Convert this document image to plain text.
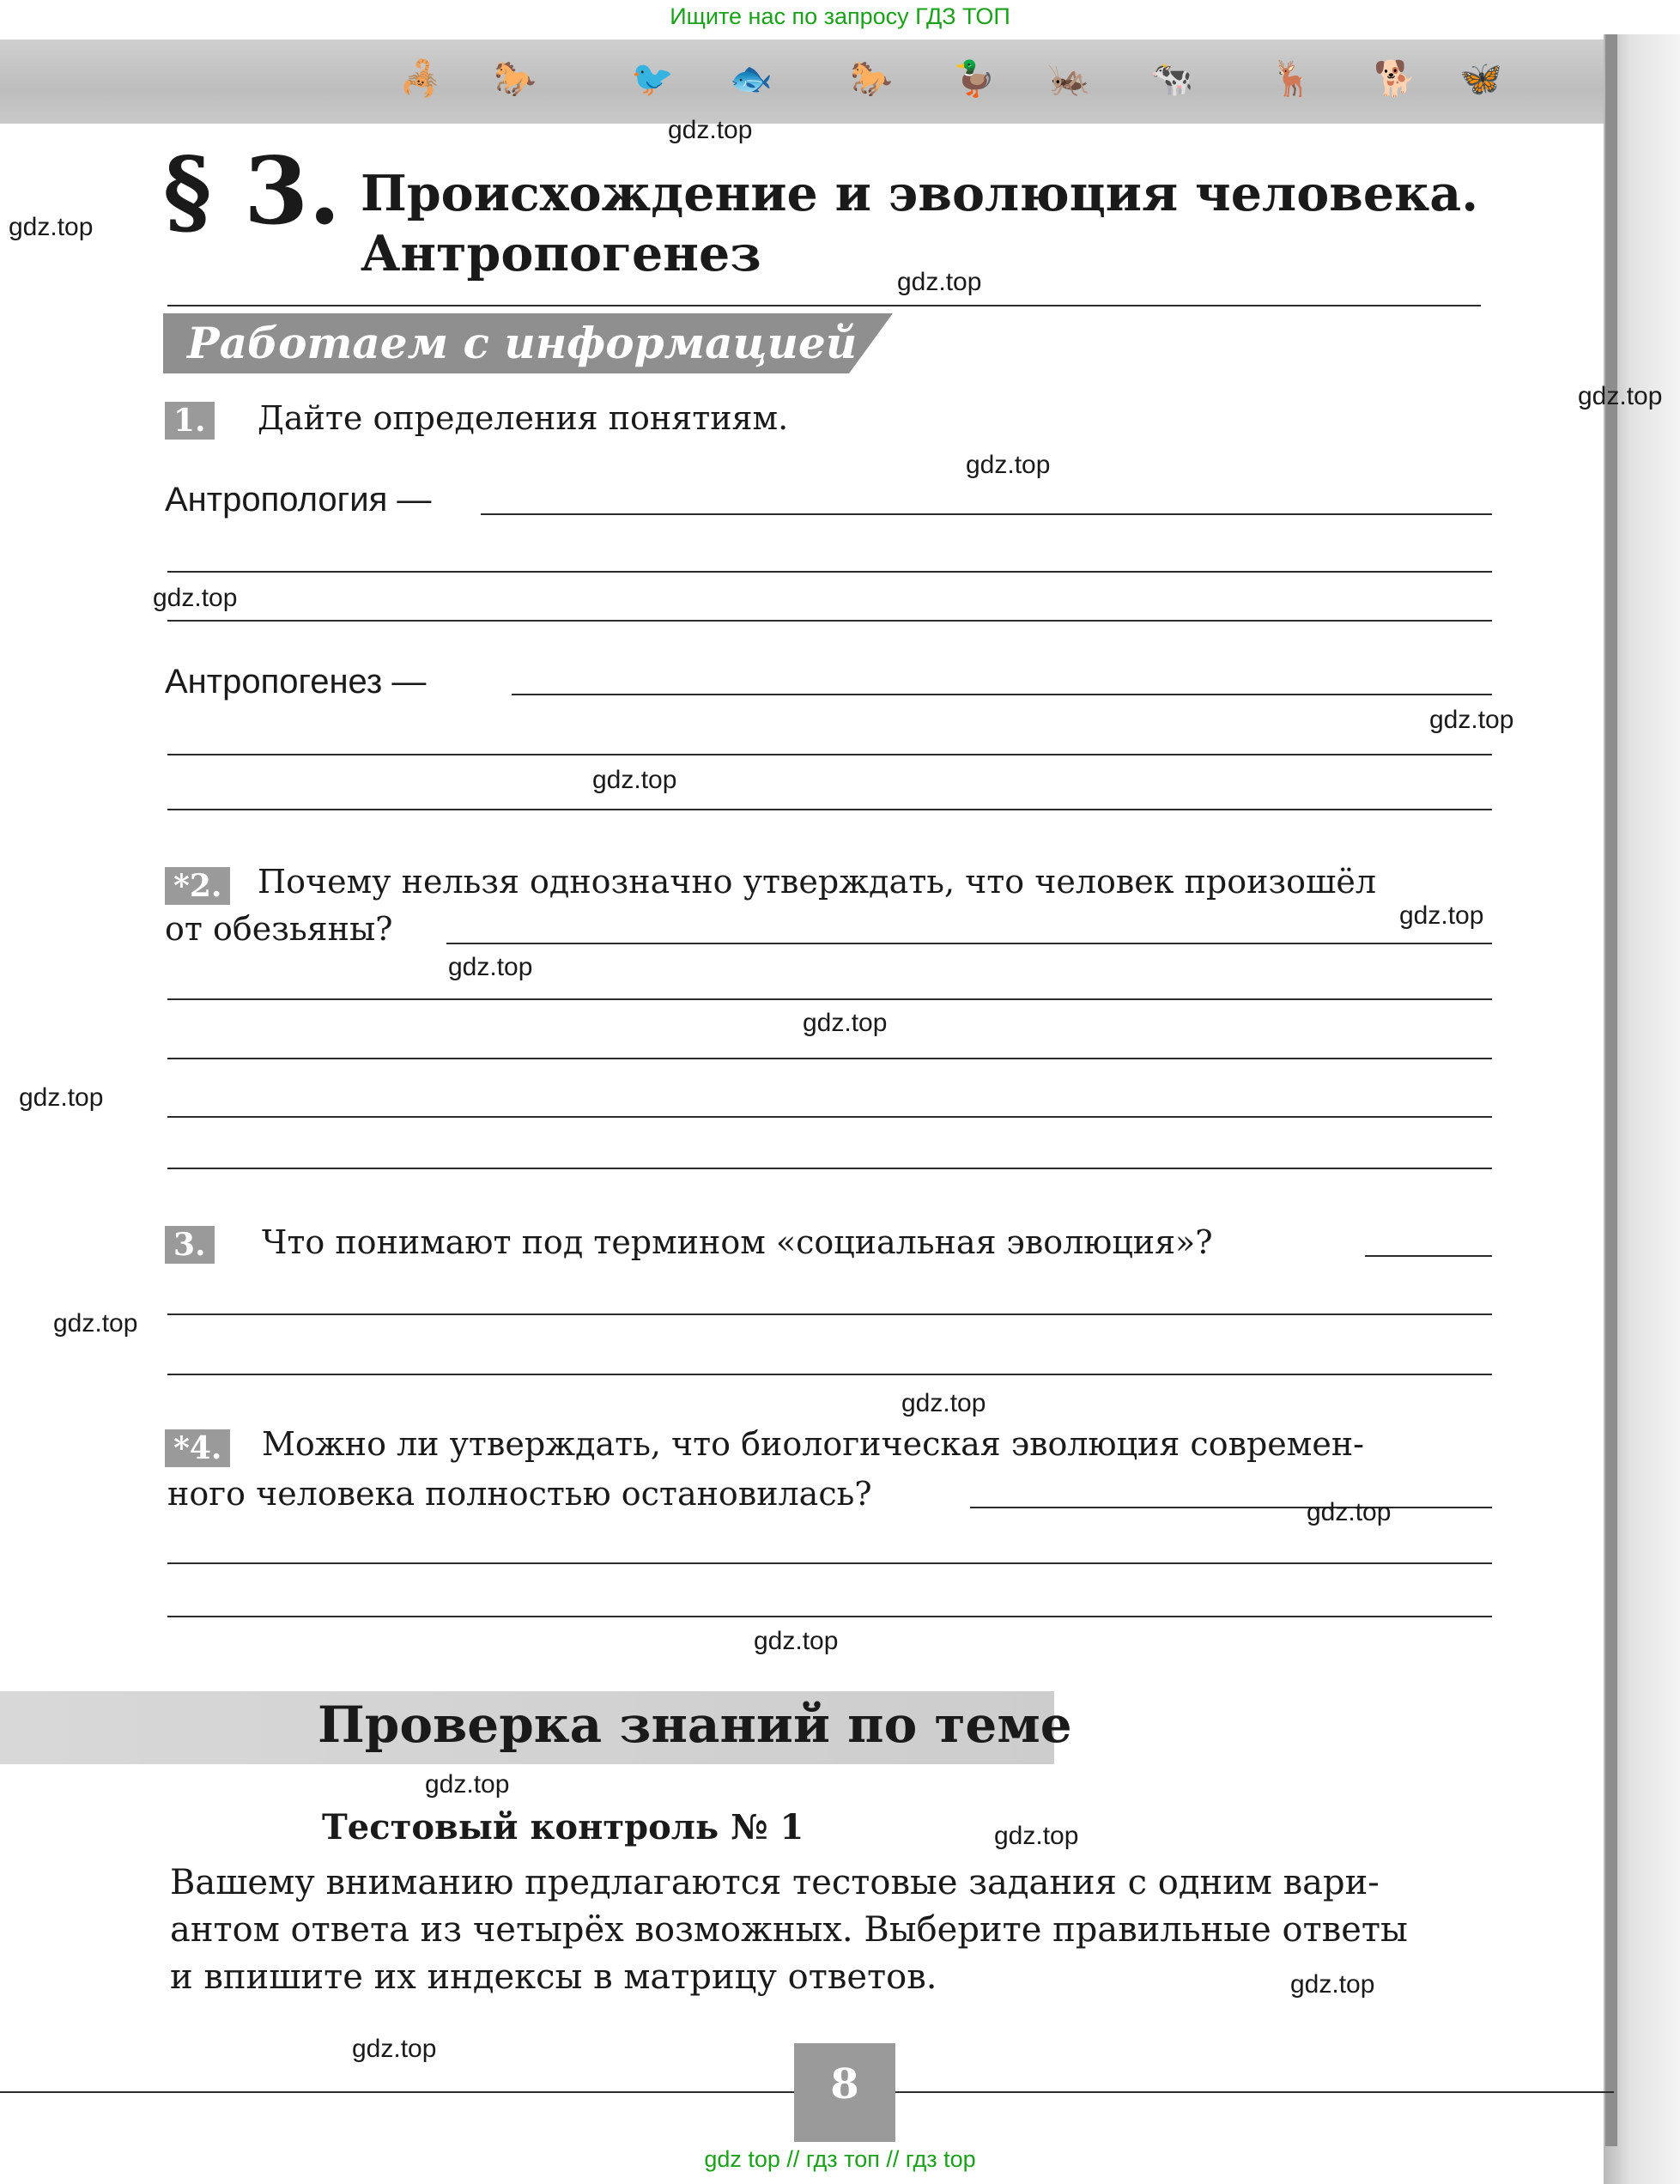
🦂 🐎	🐦 🐟 🐎 🦆 🦗 🐄 🦌 🐕 🦋
Ищите нас по запросу ГДЗ ТОП
§ 3. Происхождение и эволюция человека.
Антропогенез
Работаем с информацией
1. Дайте определения понятиям.
Антропология —
Антропогенез —
*2. Почему нельзя однозначно утверждать, что человек произошёл
от обезьяны?
3. Что понимают под термином «социальная эволюция»?
*4. Можно ли утверждать, что биологическая эволюция современ-
ного человека полностью остановилась?
Проверка знаний по теме
Тестовый контроль № 1
Вашему вниманию предлагаются тестовые задания с одним вари-
антом ответа из четырёх возможных. Выберите правильные ответы
и впишите их индексы в матрицу ответов.
8
gdz top // гдз топ // гдз top
gdz.top
gdz.top
gdz.top
gdz.top
gdz.top
gdz.top
gdz.top
gdz.top
gdz.top
gdz.top
gdz.top
gdz.top
gdz.top
gdz.top
gdz.top
gdz.top
gdz.top
gdz.top
gdz.top
gdz.top
